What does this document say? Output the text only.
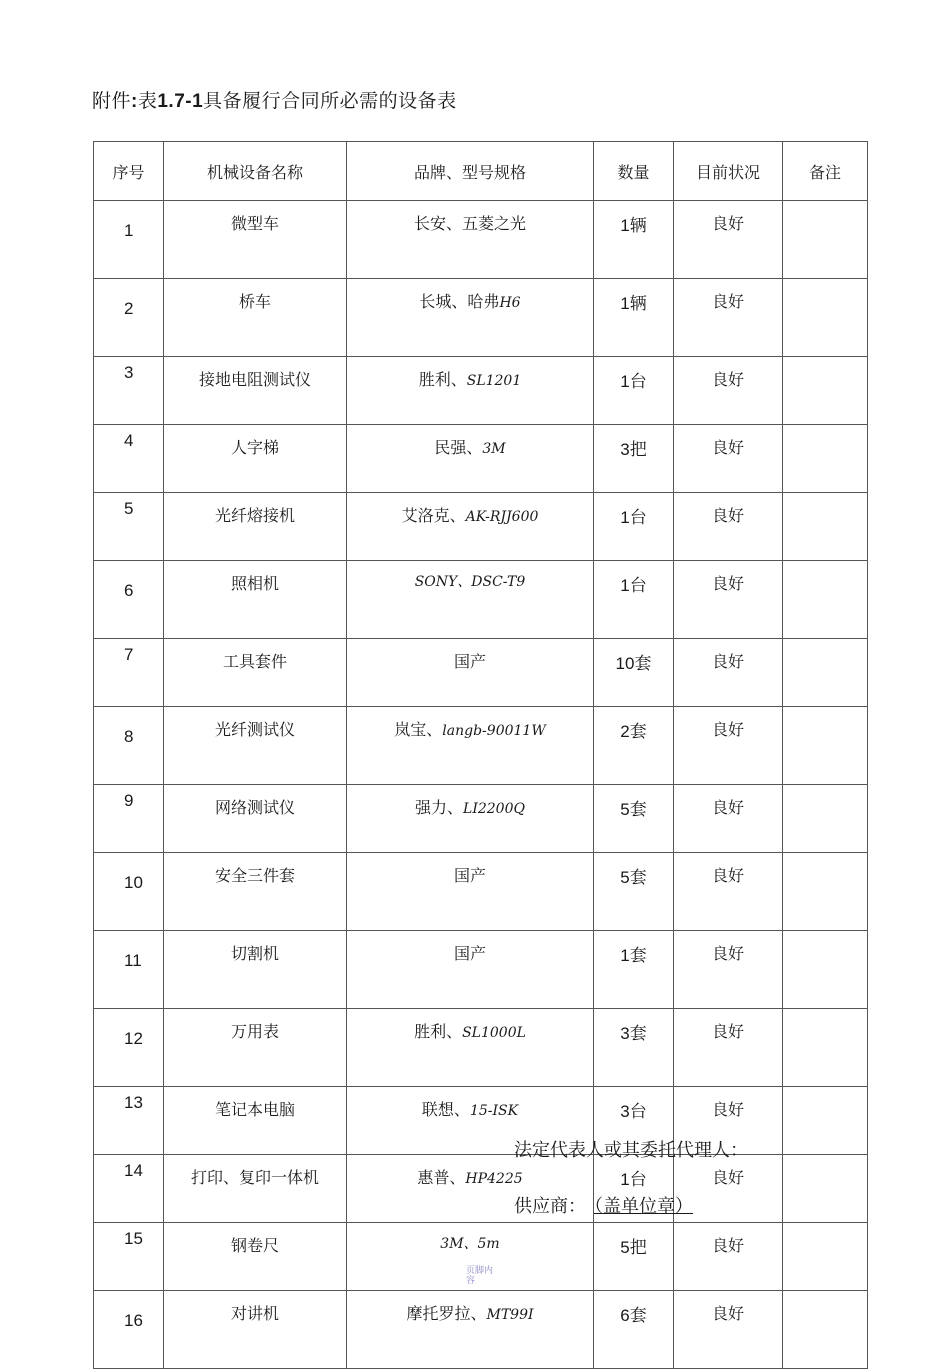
附件:表1.7-1具备履行合同所必需的设备表
序号	机械设备名称	品牌、型号规格	数量	目前状况	备注
1	微型车	长安、五菱之光	1辆	良好	
2	桥车	长城、哈弗H6	1辆	良好	
3	接地电阻测试仪	胜利、SL1201	1台	良好	
4	人字梯	民强、3M	3把	良好	
5	光纤熔接机	艾洛克、AK-RJJ600	1台	良好	
6	照相机	SONY、DSC-T9	1台	良好	
7	工具套件	国产	10套	良好	
8	光纤测试仪	岚宝、langb-90011W	2套	良好	
9	网络测试仪	强力、LI2200Q	5套	良好	
10	安全三件套	国产	5套	良好	
11	切割机	国产	1套	良好	
12	万用表	胜利、SL1000L	3套	良好	
13	笔记本电脑	联想、15-ISK	3台	良好	
14	打印、复印一体机	惠普、HP4225	1台	良好	
15	钢卷尺	3M、5m	5把	良好	
16	对讲机	摩托罗拉、MT99I	6套	良好	
法定代表人或其委托代理人：
供应商： （盖单位章）
页脚内容
